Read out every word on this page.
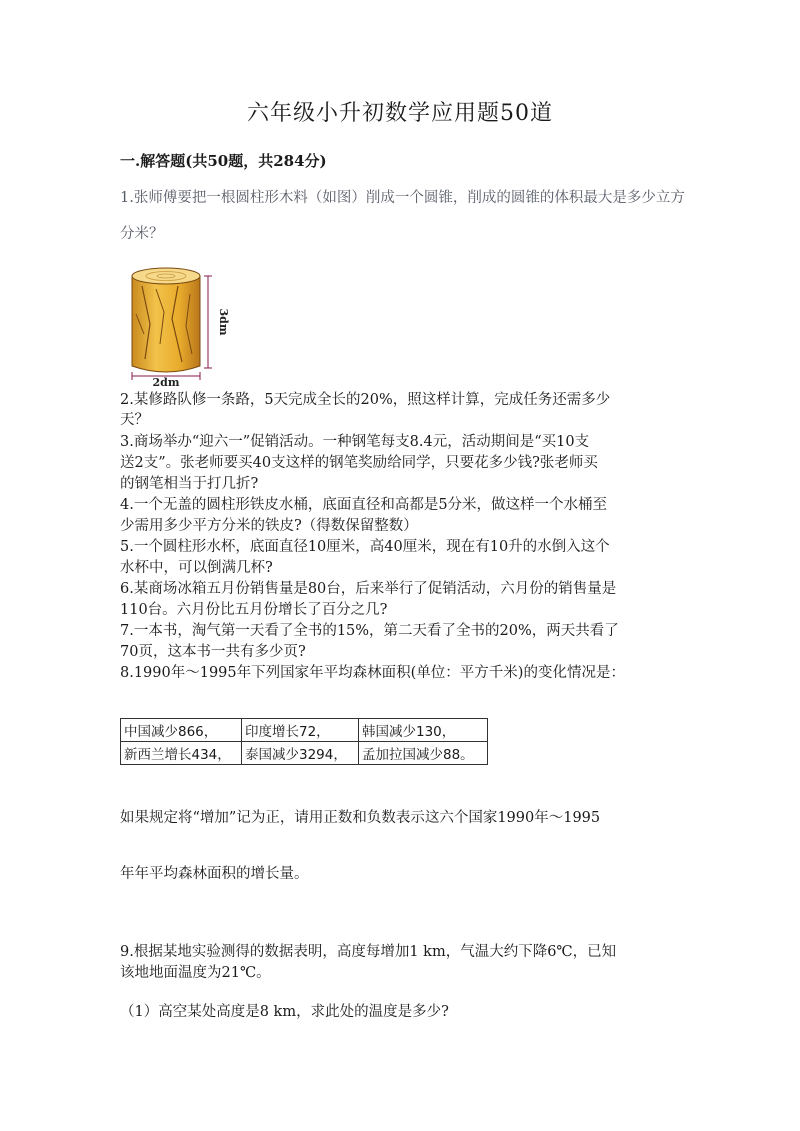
六年级小升初数学应用题50道
一.解答题(共50题，共284分)
1.张师傅要把一根圆柱形木料（如图）削成一个圆锥，削成的圆锥的体积最大是多少立方
分米？
3dm
2dm
2.某修路队修一条路，5天完成全长的20%，照这样计算，完成任务还需多少
天？
3.商场举办“迎六一”促销活动。一种钢笔每支8.4元，活动期间是“买10支
送2支”。张老师要买40支这样的钢笔奖励给同学，只要花多少钱?张老师买
的钢笔相当于打几折?
4.一个无盖的圆柱形铁皮水桶，底面直径和高都是5分米，做这样一个水桶至
少需用多少平方分米的铁皮?（得数保留整数）
5.一个圆柱形水杯，底面直径10厘米，高40厘米，现在有10升的水倒入这个
水杯中，可以倒满几杯?
6.某商场冰箱五月份销售量是80台，后来举行了促销活动，六月份的销售量是
110台。六月份比五月份增长了百分之几?
7.一本书，淘气第一天看了全书的15%，第二天看了全书的20%，两天共看了
70页，这本书一共有多少页?
8.1990年～1995年下列国家年平均森林面积(单位：平方千米)的变化情况是：
中国减少866，	印度增长72，	韩国减少130，
新西兰增长434，	泰国减少3294，	孟加拉国减少88。
如果规定将“增加”记为正，请用正数和负数表示这六个国家1990年～1995
年年平均森林面积的增长量。
9.根据某地实验测得的数据表明，高度每增加1 km，气温大约下降6℃，已知
该地地面温度为21℃。
（1）高空某处高度是8 km，求此处的温度是多少?
